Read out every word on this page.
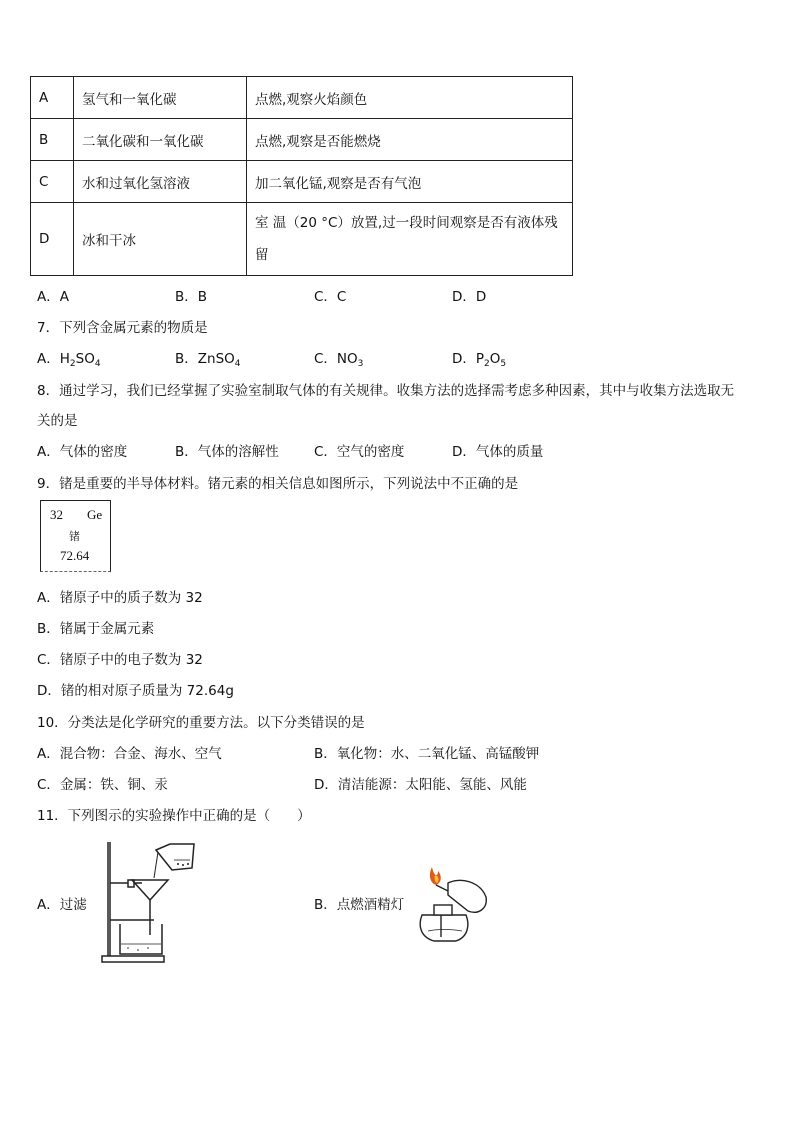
A	氢气和一氧化碳	点燃,观察火焰颜色
B	二氧化碳和一氧化碳	点燃,观察是否能燃烧
C	水和过氧化氢溶液	加二氧化锰,观察是否有气泡
D	冰和干冰	室 温（20 °C）放置,过一段时间观察是否有液体残
留
A．A	B．B	C．C	D．D
7．下列含金属元素的物质是
A．$H_2SO_4$	B．ZnSO$_4$	C．$NO_3$	D．$P_2O_5$
8．通过学习，我们已经掌握了实验室制取气体的有关规律。收集方法的选择需考虑多种因素，其中与收集方法选取无
关的是
A．气体的密度	B．气体的溶解性	C．空气的密度	D．气体的质量
9．锗是重要的半导体材料。锗元素的相关信息如图所示，下列说法中不正确的是
32 Ge
锗
72.64
A．锗原子中的质子数为 32
B．锗属于金属元素
C．锗原子中的电子数为 32
D．锗的相对原子质量为 72.64g
10．分类法是化学研究的重要方法。以下分类错误的是
A．混合物：合金、海水、空气	B．氧化物：水、二氧化锰、高锰酸钾
C．金属：铁、铜、汞	D．清洁能源：太阳能、氢能、风能
11．下列图示的实验操作中正确的是（　　）
A．过滤	B．点燃酒精灯
